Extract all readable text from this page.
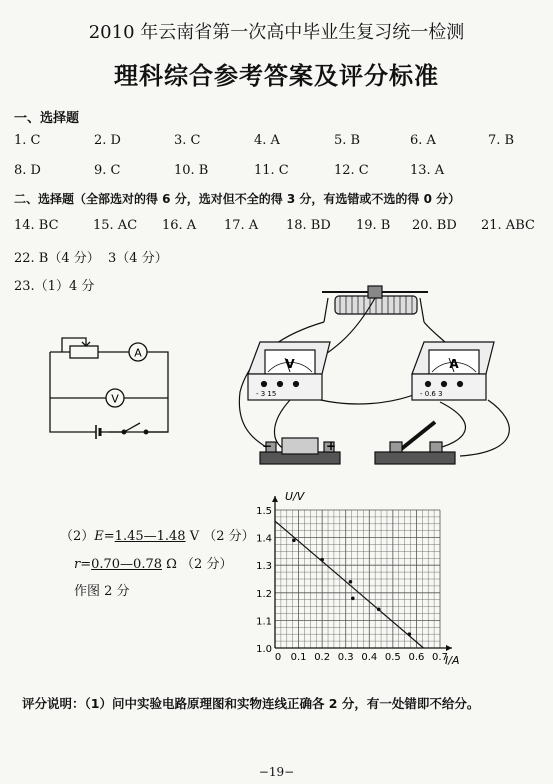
2010 年云南省第一次高中毕业生复习统一检测
理科综合参考答案及评分标准
一、选择题
1. C	2. D	3. C	4. A	5. B	6. A	7. B
8. D	9. C	10. B	11. C	12. C	13. A
二、选择题（全部选对的得 6 分，选对但不全的得 3 分，有选错或不选的得 0 分）
14. BC	15. AC 16. A 17. A 18. BD 19. B 20. BD 21. ABC
22. B（4 分）  3（4 分）
23.（1）4 分
A
V
V	A
- 3 15	- 0.6 3
−	+
（2）E=1.45—1.48 V （2 分）
r=0.70—0.78 Ω （2 分）
作图 2 分
0 0.1 0.2 0.3 0.4 0.5 0.6 0.7
1.0
1.1
1.2
1.3
1.4
1.5
U/V
I/A
评分说明：（1）问中实验电路原理图和实物连线正确各 2 分，有一处错即不给分。
−19−
